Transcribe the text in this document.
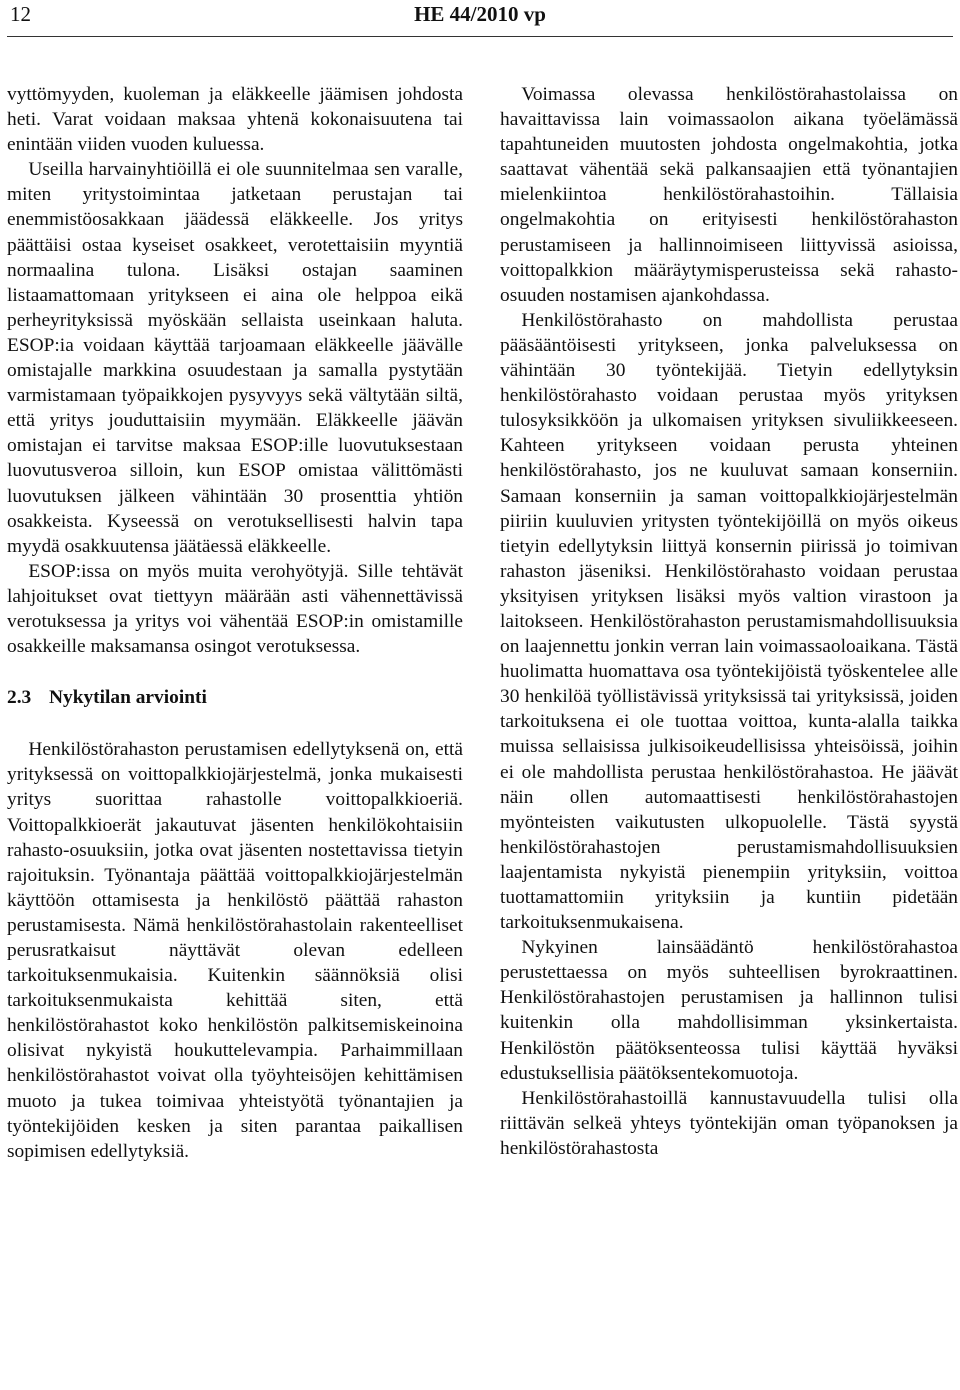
12	HE 44/2010 vp

vyttömyyden, kuoleman ja eläkkeelle jäämisen johdosta heti. Varat voidaan maksaa yhtenä kokonaisuutena tai enintään viiden vuoden kuluessa.

Useilla harvainyhtiöillä ei ole suunnitelmaa sen varalle, miten yritystoimintaa jatketaan perustajan tai enemmistöosakkaan jäädessä eläkkeelle. Jos yritys päättäisi ostaa kyseiset osakkeet, verotettaisiin myyntiä normaalina tulona. Lisäksi ostajan saaminen listaamattomaan yritykseen ei aina ole helppoa eikä perheyrityksissä myöskään sellaista useinkaan haluta. ESOP:ia voidaan käyttää tarjoamaan eläkkeelle jäävälle omistajalle markkina osuudestaan ja samalla pystytään varmistamaan työpaikkojen pysyvyys sekä vältytään siltä, että yritys jouduttaisiin myymään. Eläkkeelle jäävän omistajan ei tarvitse maksaa ESOP:ille luovutuksestaan luovutusveroa silloin, kun ESOP omistaa välittömästi luovutuksen jälkeen vähintään 30 prosenttia yhtiön osakkeista. Kyseessä on verotuksellisesti halvin tapa myydä osakkuutensa jäätäessä eläkkeelle.

ESOP:issa on myös muita verohyötyjä. Sille tehtävät lahjoitukset ovat tiettyyn määrään asti vähennettävissä verotuksessa ja yritys voi vähentää ESOP:in omistamille osakkeille maksamansa osingot verotuksessa.

2.3 Nykytilan arviointi

Henkilöstörahaston perustamisen edellytyksenä on, että yrityksessä on voittopalkkiojärjestelmä, jonka mukaisesti yritys suorittaa rahastolle voittopalkkioeriä. Voittopalkkioerät jakautuvat jäsenten henkilökohtaisiin rahasto-osuuksiin, jotka ovat jäsenten nostettavissa tietyin rajoituksin. Työnantaja päättää voittopalkkiojärjestelmän käyttöön ottamisesta ja henkilöstö päättää rahaston perustamisesta. Nämä henkilöstörahastolain rakenteelliset perusratkaisut näyttävät olevan edelleen tarkoituksenmukaisia. Kuitenkin säännöksiä olisi tarkoituksenmukaista kehittää siten, että henkilöstörahastot koko henkilöstön palkitsemiskeinoina olisivat nykyistä houkuttelevampia. Parhaimmillaan henkilöstörahastot voivat olla työyhteisöjen kehittämisen muoto ja tukea toimivaa yhteistyötä työnantajien ja työntekijöiden kesken ja siten parantaa paikallisen sopimisen edellytyksiä.

Voimassa olevassa henkilöstörahastolaissa on havaittavissa lain voimassaolon aikana työelämässä tapahtuneiden muutosten johdosta ongelmakohtia, jotka saattavat vähentää sekä palkansaajien että työnantajien mielenkiintoa henkilöstörahastoihin. Tällaisia ongelmakohtia on erityisesti henkilöstörahaston perustamiseen ja hallinnoimiseen liittyvissä asioissa, voittopalkkion määräytymisperusteissa sekä rahasto-osuuden nostamisen ajankohdassa.

Henkilöstörahasto on mahdollista perustaa pääsääntöisesti yritykseen, jonka palveluksessa on vähintään 30 työntekijää. Tietyin edellytyksin henkilöstörahasto voidaan perustaa myös yrityksen tulosyksikköön ja ulkomaisen yrityksen sivuliikkeeseen. Kahteen yritykseen voidaan perusta yhteinen henkilöstörahasto, jos ne kuuluvat samaan konserniin. Samaan konserniin ja saman voittopalkkiojärjestelmän piiriin kuuluvien yritysten työntekijöillä on myös oikeus tietyin edellytyksin liittyä konsernin piirissä jo toimivan rahaston jäseniksi. Henkilöstörahasto voidaan perustaa yksityisen yrityksen lisäksi myös valtion virastoon ja laitokseen. Henkilöstörahaston perustamismahdollisuuksia on laajennettu jonkin verran lain voimassaoloaikana. Tästä huolimatta huomattava osa työntekijöistä työskentelee alle 30 henkilöä työllistävissä yrityksissä tai yrityksissä, joiden tarkoituksena ei ole tuottaa voittoa, kunta-alalla taikka muissa sellaisissa julkisoikeudellisissa yhteisöissä, joihin ei ole mahdollista perustaa henkilöstörahastoa. He jäävät näin ollen automaattisesti henkilöstörahastojen myönteisten vaikutusten ulkopuolelle. Tästä syystä henkilöstörahastojen perustamismahdollisuuksien laajentamista nykyistä pienempiin yrityksiin, voittoa tuottamattomiin yrityksiin ja kuntiin pidetään tarkoituksenmukaisena.

Nykyinen lainsäädäntö henkilöstörahastoa perustettaessa on myös suhteellisen byrokraattinen. Henkilöstörahastojen perustamisen ja hallinnon tulisi kuitenkin olla mahdollisimman yksinkertaista. Henkilöstön päätöksenteossa tulisi käyttää hyväksi edustuksellisia päätöksentekomuotoja.

Henkilöstörahastoillä kannustavuudella tulisi olla riittävän selkeä yhteys työntekijän oman työpanoksen ja henkilöstörahastosta
